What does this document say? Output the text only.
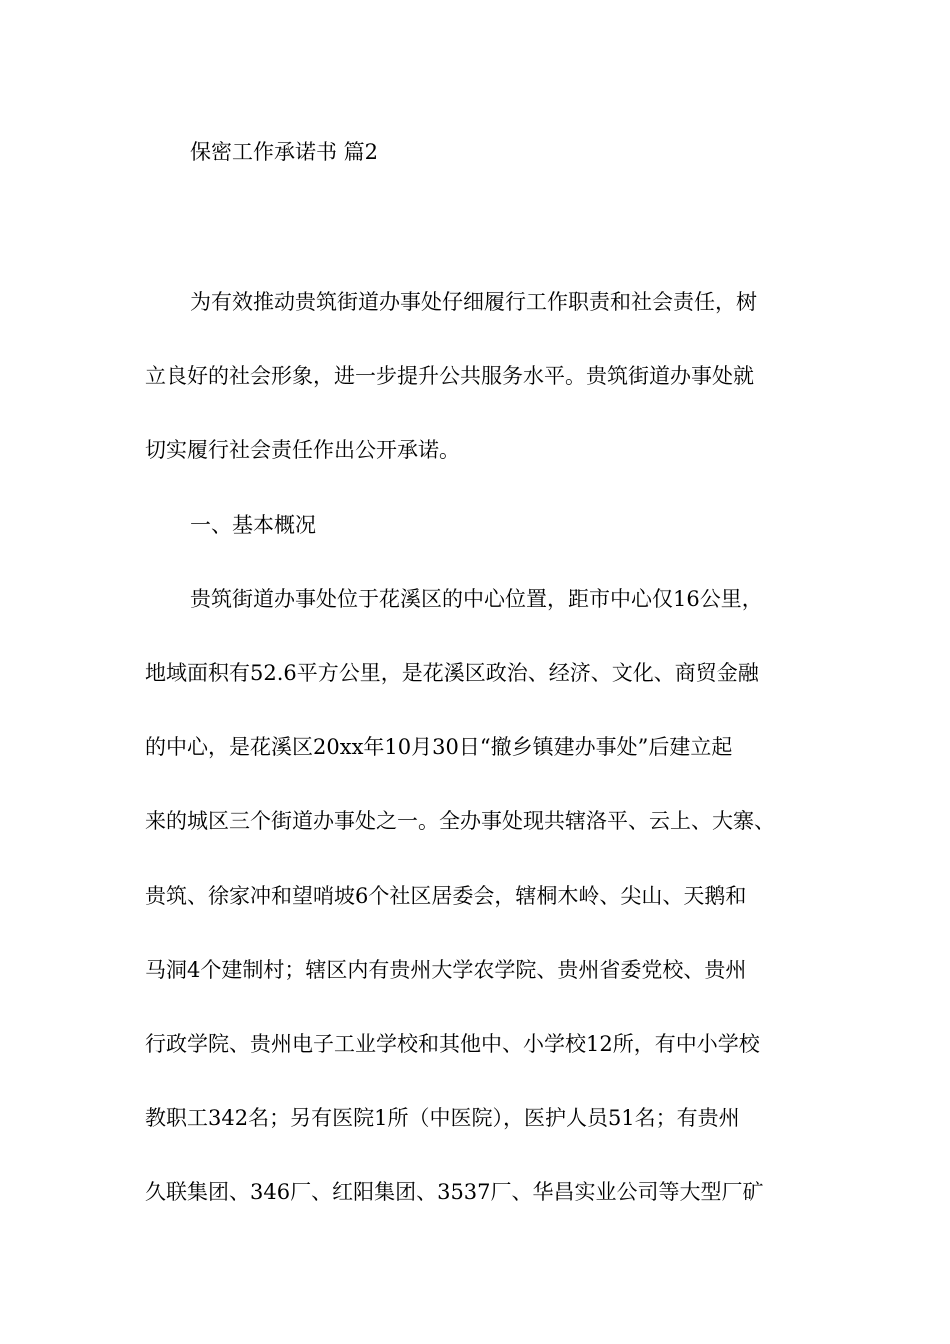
保密工作承诺书 篇2
为有效推动贵筑街道办事处仔细履行工作职责和社会责任，树
立良好的社会形象，进一步提升公共服务水平。贵筑街道办事处就
切实履行社会责任作出公开承诺。
一、基本概况
贵筑街道办事处位于花溪区的中心位置，距市中心仅16公里，
地域面积有52.6平方公里，是花溪区政治、经济、文化、商贸金融
的中心，是花溪区20xx年10月30日“撤乡镇建办事处”后建立起
来的城区三个街道办事处之一。全办事处现共辖洛平、云上、大寨、
贵筑、徐家冲和望哨坡6个社区居委会，辖桐木岭、尖山、天鹅和
马洞4个建制村；辖区内有贵州大学农学院、贵州省委党校、贵州
行政学院、贵州电子工业学校和其他中、小学校12所，有中小学校
教职工342名；另有医院1所（中医院），医护人员51名；有贵州
久联集团、346厂、红阳集团、3537厂、华昌实业公司等大型厂矿
